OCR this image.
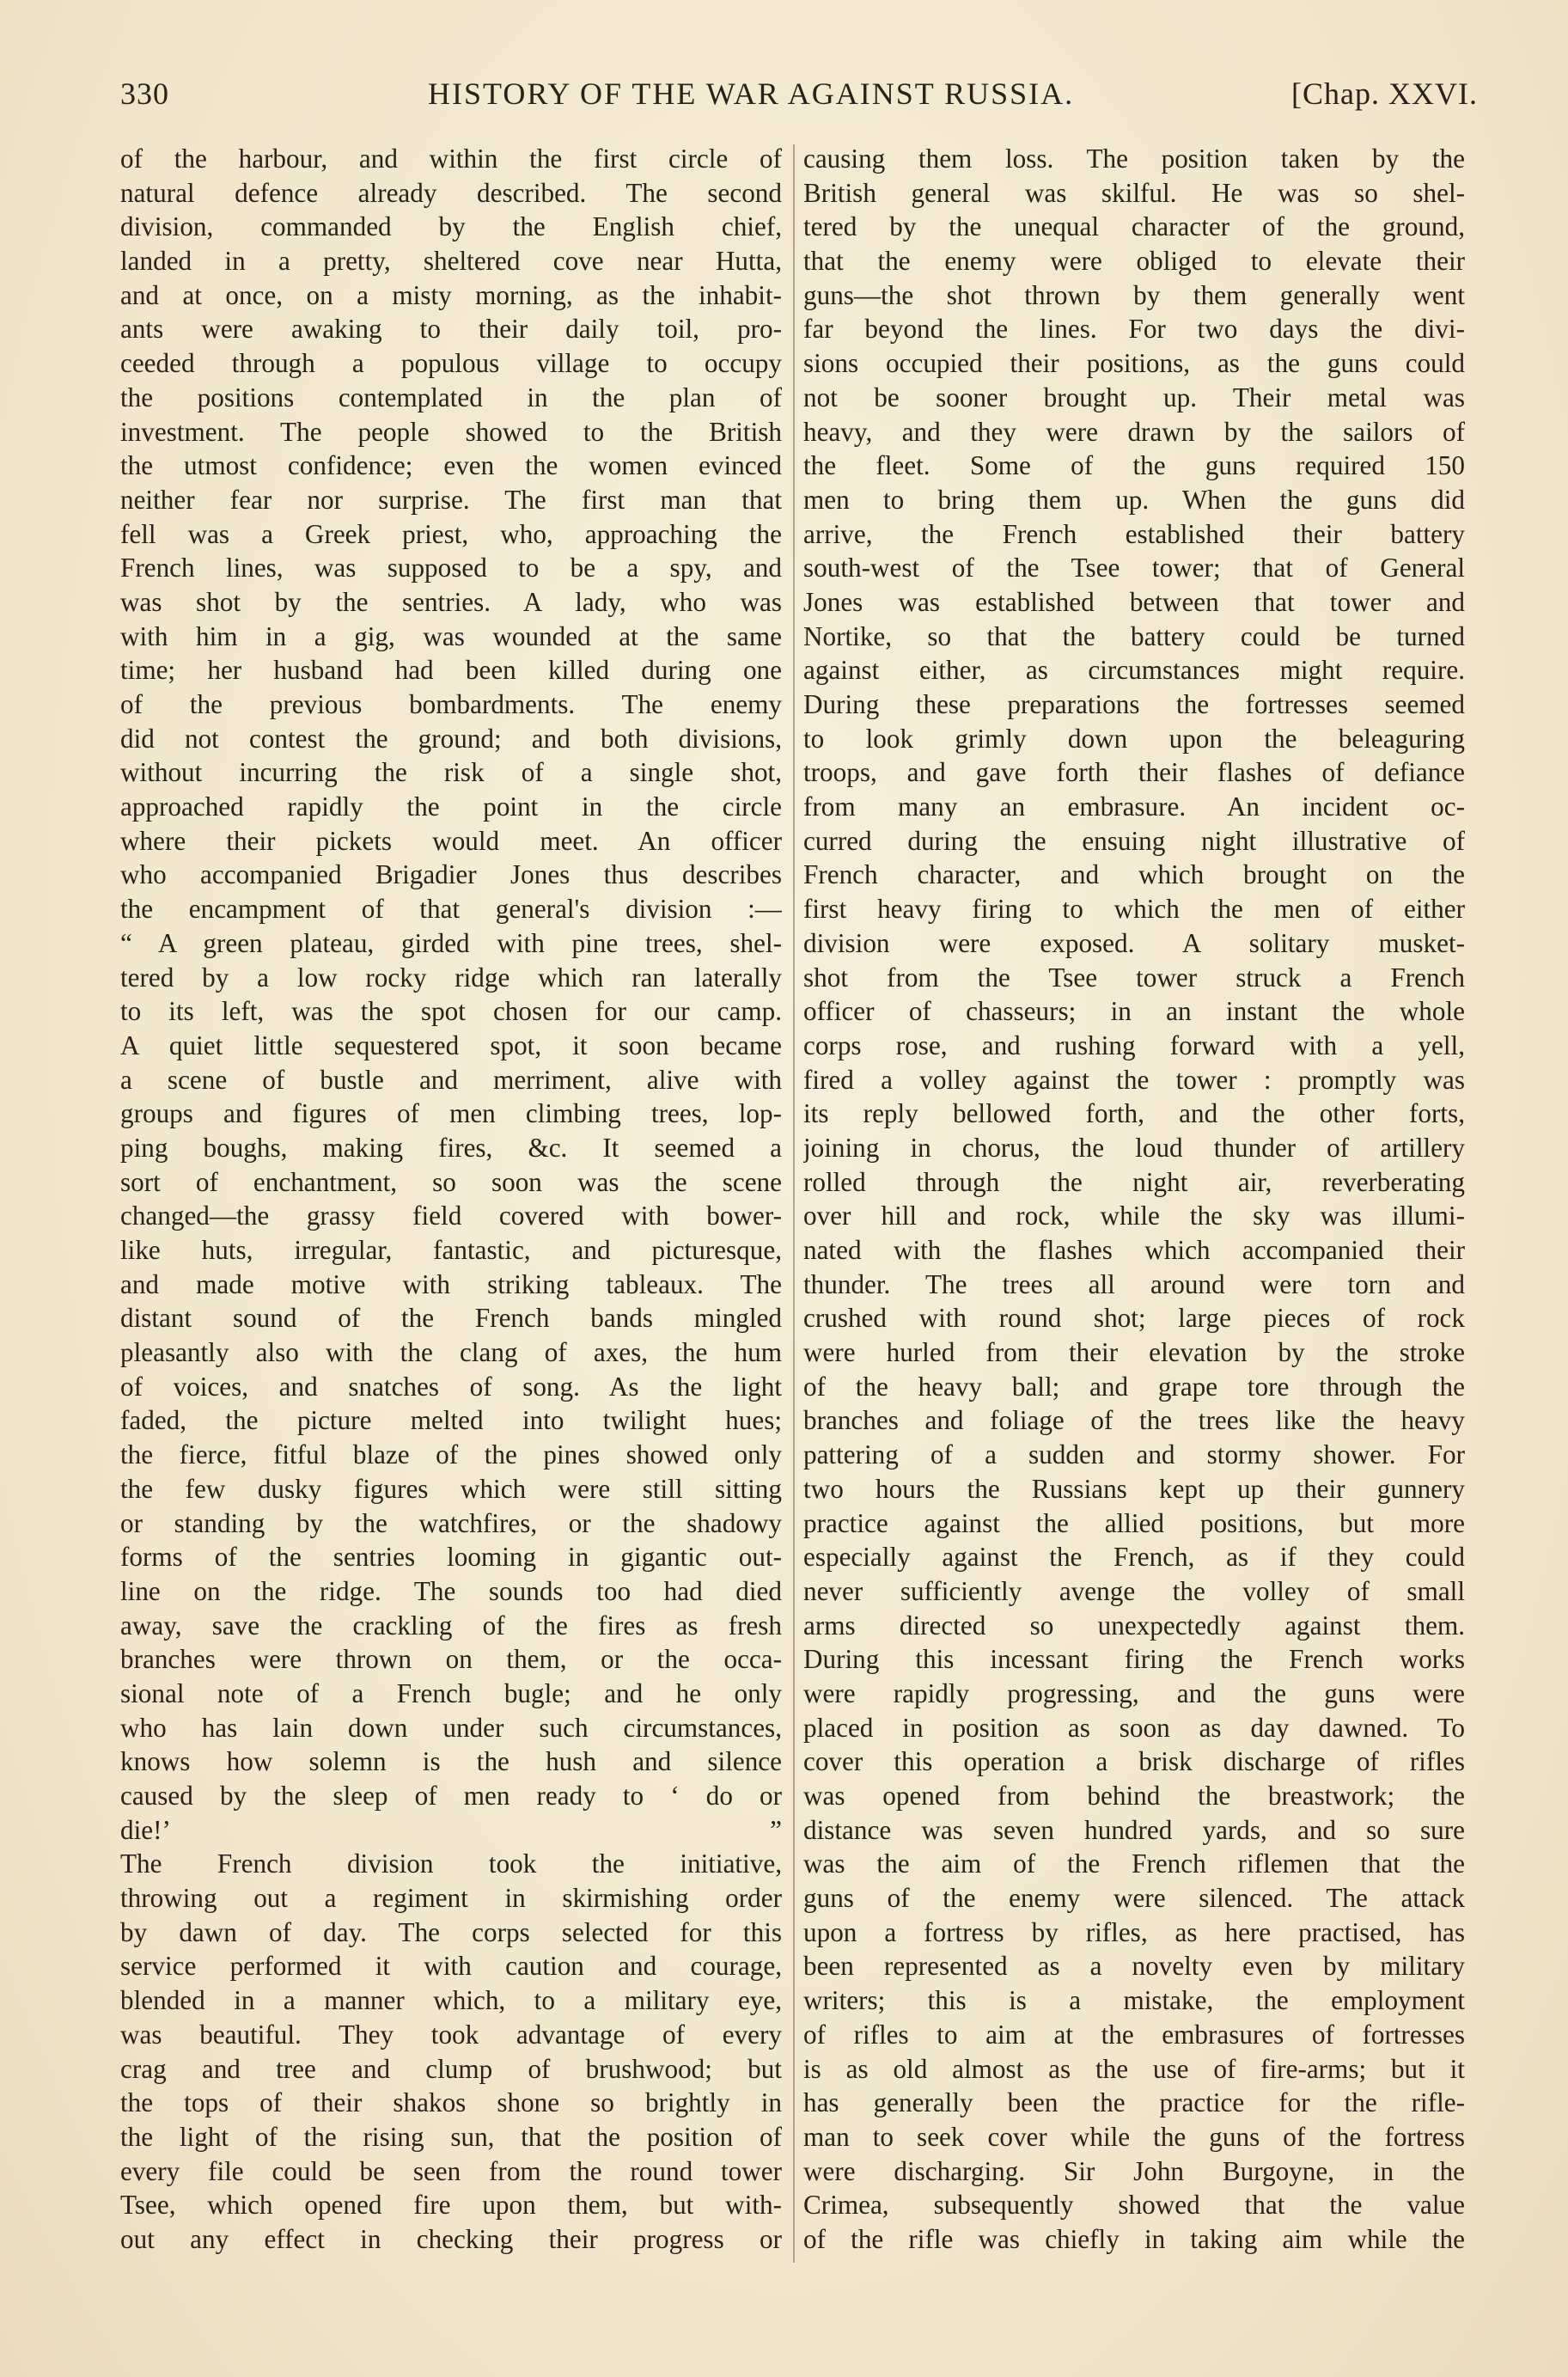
330	HISTORY OF THE WAR AGAINST RUSSIA.	[Chap. XXVI.
of the harbour, and within the first circle of
natural defence already described. The second
division, commanded by the English chief,
landed in a pretty, sheltered cove near Hutta,
and at once, on a misty morning, as the inhabit-
ants were awaking to their daily toil, pro-
ceeded through a populous village to occupy
the positions contemplated in the plan of
investment. The people showed to the British
the utmost confidence; even the women evinced
neither fear nor surprise. The first man that
fell was a Greek priest, who, approaching the
French lines, was supposed to be a spy, and
was shot by the sentries. A lady, who was
with him in a gig, was wounded at the same
time; her husband had been killed during one
of the previous bombardments. The enemy
did not contest the ground; and both divisions,
without incurring the risk of a single shot,
approached rapidly the point in the circle
where their pickets would meet. An officer
who accompanied Brigadier Jones thus describes
the encampment of that general's division :—
“ A green plateau, girded with pine trees, shel-
tered by a low rocky ridge which ran laterally
to its left, was the spot chosen for our camp.
A quiet little sequestered spot, it soon became
a scene of bustle and merriment, alive with
groups and figures of men climbing trees, lop-
ping boughs, making fires, &c. It seemed a
sort of enchantment, so soon was the scene
changed—the grassy field covered with bower-
like huts, irregular, fantastic, and picturesque,
and made motive with striking tableaux. The
distant sound of the French bands mingled
pleasantly also with the clang of axes, the hum
of voices, and snatches of song. As the light
faded, the picture melted into twilight hues;
the fierce, fitful blaze of the pines showed only
the few dusky figures which were still sitting
or standing by the watchfires, or the shadowy
forms of the sentries looming in gigantic out-
line on the ridge. The sounds too had died
away, save the crackling of the fires as fresh
branches were thrown on them, or the occa-
sional note of a French bugle; and he only
who has lain down under such circumstances,
knows how solemn is the hush and silence
caused by the sleep of men ready to ‘ do or
die!’ ”
The French division took the initiative,
throwing out a regiment in skirmishing order
by dawn of day. The corps selected for this
service performed it with caution and courage,
blended in a manner which, to a military eye,
was beautiful. They took advantage of every
crag and tree and clump of brushwood; but
the tops of their shakos shone so brightly in
the light of the rising sun, that the position of
every file could be seen from the round tower
Tsee, which opened fire upon them, but with-
out any effect in checking their progress or
causing them loss. The position taken by the
British general was skilful. He was so shel-
tered by the unequal character of the ground,
that the enemy were obliged to elevate their
guns—the shot thrown by them generally went
far beyond the lines. For two days the divi-
sions occupied their positions, as the guns could
not be sooner brought up. Their metal was
heavy, and they were drawn by the sailors of
the fleet. Some of the guns required 150
men to bring them up. When the guns did
arrive, the French established their battery
south-west of the Tsee tower; that of General
Jones was established between that tower and
Nortike, so that the battery could be turned
against either, as circumstances might require.
During these preparations the fortresses seemed
to look grimly down upon the beleaguring
troops, and gave forth their flashes of defiance
from many an embrasure. An incident oc-
curred during the ensuing night illustrative of
French character, and which brought on the
first heavy firing to which the men of either
division were exposed. A solitary musket-
shot from the Tsee tower struck a French
officer of chasseurs; in an instant the whole
corps rose, and rushing forward with a yell,
fired a volley against the tower : promptly was
its reply bellowed forth, and the other forts,
joining in chorus, the loud thunder of artillery
rolled through the night air, reverberating
over hill and rock, while the sky was illumi-
nated with the flashes which accompanied their
thunder. The trees all around were torn and
crushed with round shot; large pieces of rock
were hurled from their elevation by the stroke
of the heavy ball; and grape tore through the
branches and foliage of the trees like the heavy
pattering of a sudden and stormy shower. For
two hours the Russians kept up their gunnery
practice against the allied positions, but more
especially against the French, as if they could
never sufficiently avenge the volley of small
arms directed so unexpectedly against them.
During this incessant firing the French works
were rapidly progressing, and the guns were
placed in position as soon as day dawned. To
cover this operation a brisk discharge of rifles
was opened from behind the breastwork; the
distance was seven hundred yards, and so sure
was the aim of the French riflemen that the
guns of the enemy were silenced. The attack
upon a fortress by rifles, as here practised, has
been represented as a novelty even by military
writers; this is a mistake, the employment
of rifles to aim at the embrasures of fortresses
is as old almost as the use of fire-arms; but it
has generally been the practice for the rifle-
man to seek cover while the guns of the fortress
were discharging. Sir John Burgoyne, in the
Crimea, subsequently showed that the value
of the rifle was chiefly in taking aim while the
